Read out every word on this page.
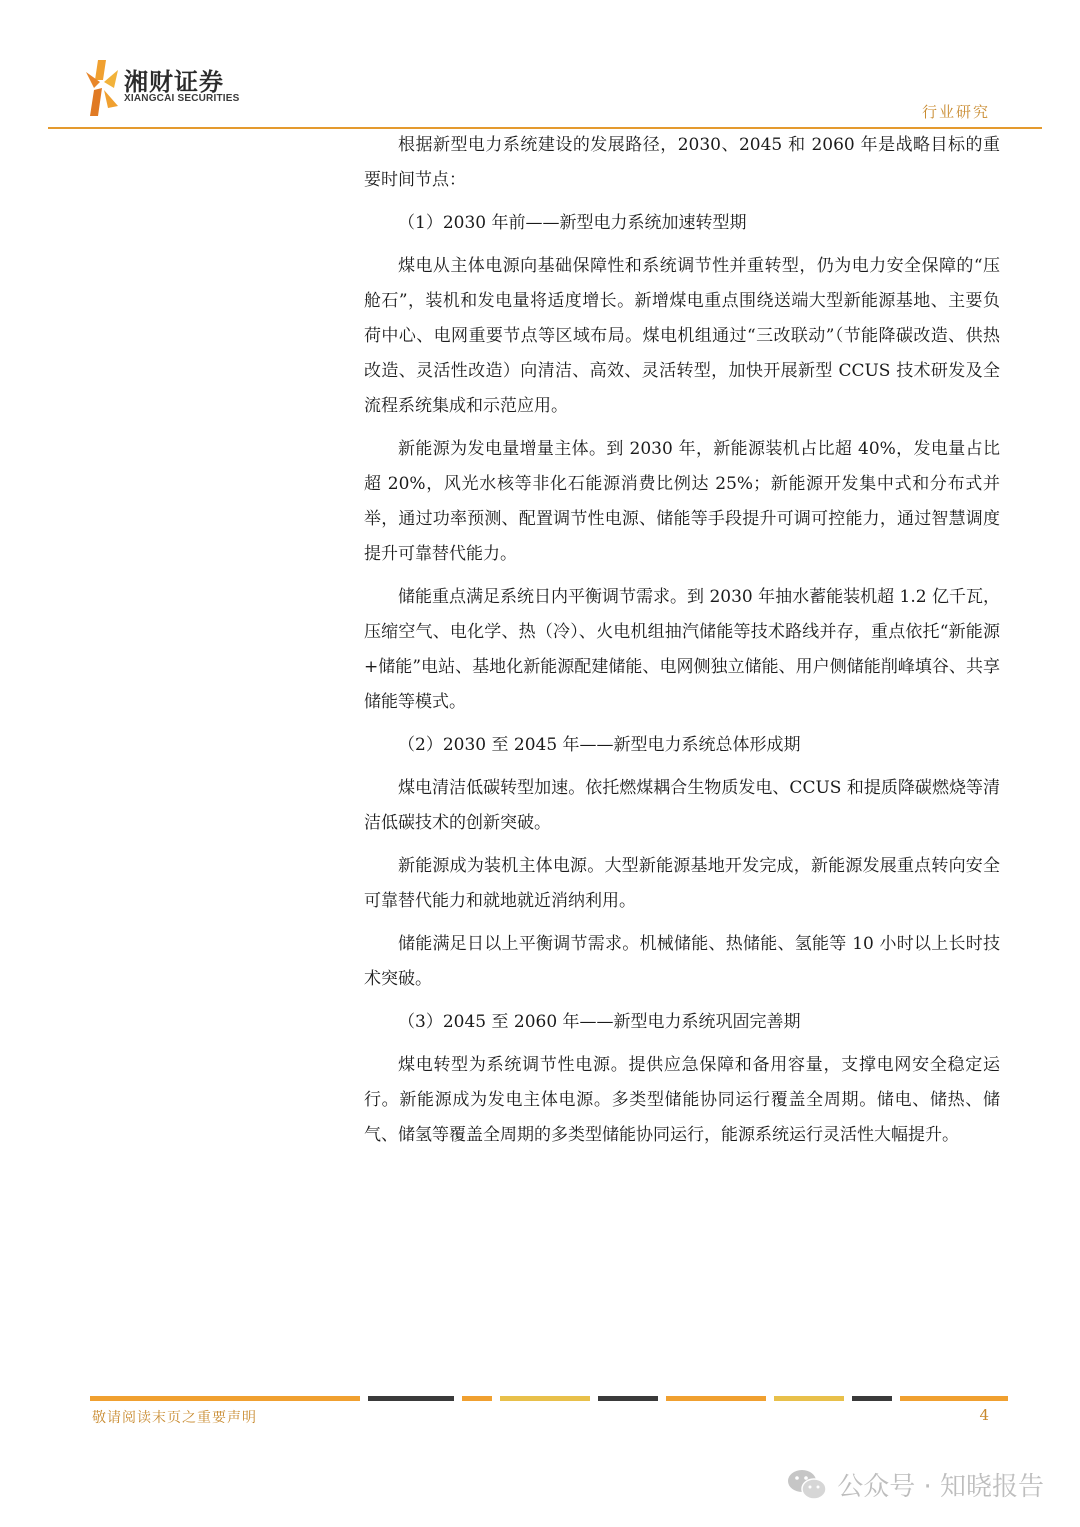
湘财证券
XIANGCAI SECURITIES
行业研究

根据新型电力系统建设的发展路径，2030、2045 和 2060 年是战略目标的重要时间节点：

（1）2030 年前——新型电力系统加速转型期

煤电从主体电源向基础保障性和系统调节性并重转型，仍为电力安全保障的“压舱石”，装机和发电量将适度增长。新增煤电重点围绕送端大型新能源基地、主要负荷中心、电网重要节点等区域布局。煤电机组通过“三改联动”（节能降碳改造、供热改造、灵活性改造）向清洁、高效、灵活转型，加快开展新型 CCUS 技术研发及全流程系统集成和示范应用。

新能源为发电量增量主体。到 2030 年，新能源装机占比超 40%，发电量占比超 20%，风光水核等非化石能源消费比例达 25%；新能源开发集中式和分布式并举，通过功率预测、配置调节性电源、储能等手段提升可调可控能力，通过智慧调度提升可靠替代能力。

储能重点满足系统日内平衡调节需求。到 2030 年抽水蓄能装机超 1.2 亿千瓦，压缩空气、电化学、热（冷）、火电机组抽汽储能等技术路线并存，重点依托“新能源+储能”电站、基地化新能源配建储能、电网侧独立储能、用户侧储能削峰填谷、共享储能等模式。

（2）2030 至 2045 年——新型电力系统总体形成期

煤电清洁低碳转型加速。依托燃煤耦合生物质发电、CCUS 和提质降碳燃烧等清洁低碳技术的创新突破。

新能源成为装机主体电源。大型新能源基地开发完成，新能源发展重点转向安全可靠替代能力和就地就近消纳利用。

储能满足日以上平衡调节需求。机械储能、热储能、氢能等 10 小时以上长时技术突破。

（3）2045 至 2060 年——新型电力系统巩固完善期

煤电转型为系统调节性电源。提供应急保障和备用容量，支撑电网安全稳定运行。新能源成为发电主体电源。多类型储能协同运行覆盖全周期。储电、储热、储气、储氢等覆盖全周期的多类型储能协同运行，能源系统运行灵活性大幅提升。

敬请阅读末页之重要声明	4
公众号 · 知晓报告
